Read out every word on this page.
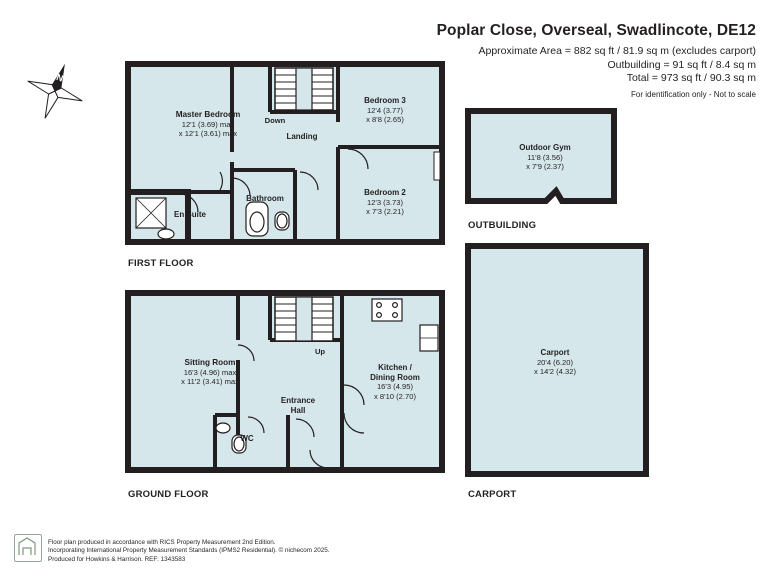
Poplar Close, Overseal, Swadlincote, DE12
Approximate Area = 882 sq ft / 81.9 sq m (excludes carport)
Outbuilding = 91 sq ft / 8.4 sq m
Total = 973 sq ft / 90.3 sq m
For identification only - Not to scale
N
FIRST FLOOR
Master Bedroom
12'1 (3.69) max
x 12'1 (3.61) max
Bedroom 3
12'4 (3.77)
x 8'8 (2.65)
Bedroom 2
12'3 (3.73)
x 7'3 (2.21)
Landing
Down
Bathroom
En Suite
GROUND FLOOR
Sitting Room
16'3 (4.96) max
x 11'2 (3.41) max
Kitchen /
Dining Room
16'3 (4.95)
x 8'10 (2.70)
Entrance
Hall
WC
Up
OUTBUILDING
Outdoor Gym
11'8 (3.56)
x 7'9 (2.37)
CARPORT
Carport
20'4 (6.20)
x 14'2 (4.32)
Floor plan produced in accordance with RICS Property Measurement 2nd Edition.
Incorporating International Property Measurement Standards (IPMS2 Residential). © nichecom 2025.
Produced for Howkins & Harrison. REF: 1343583
